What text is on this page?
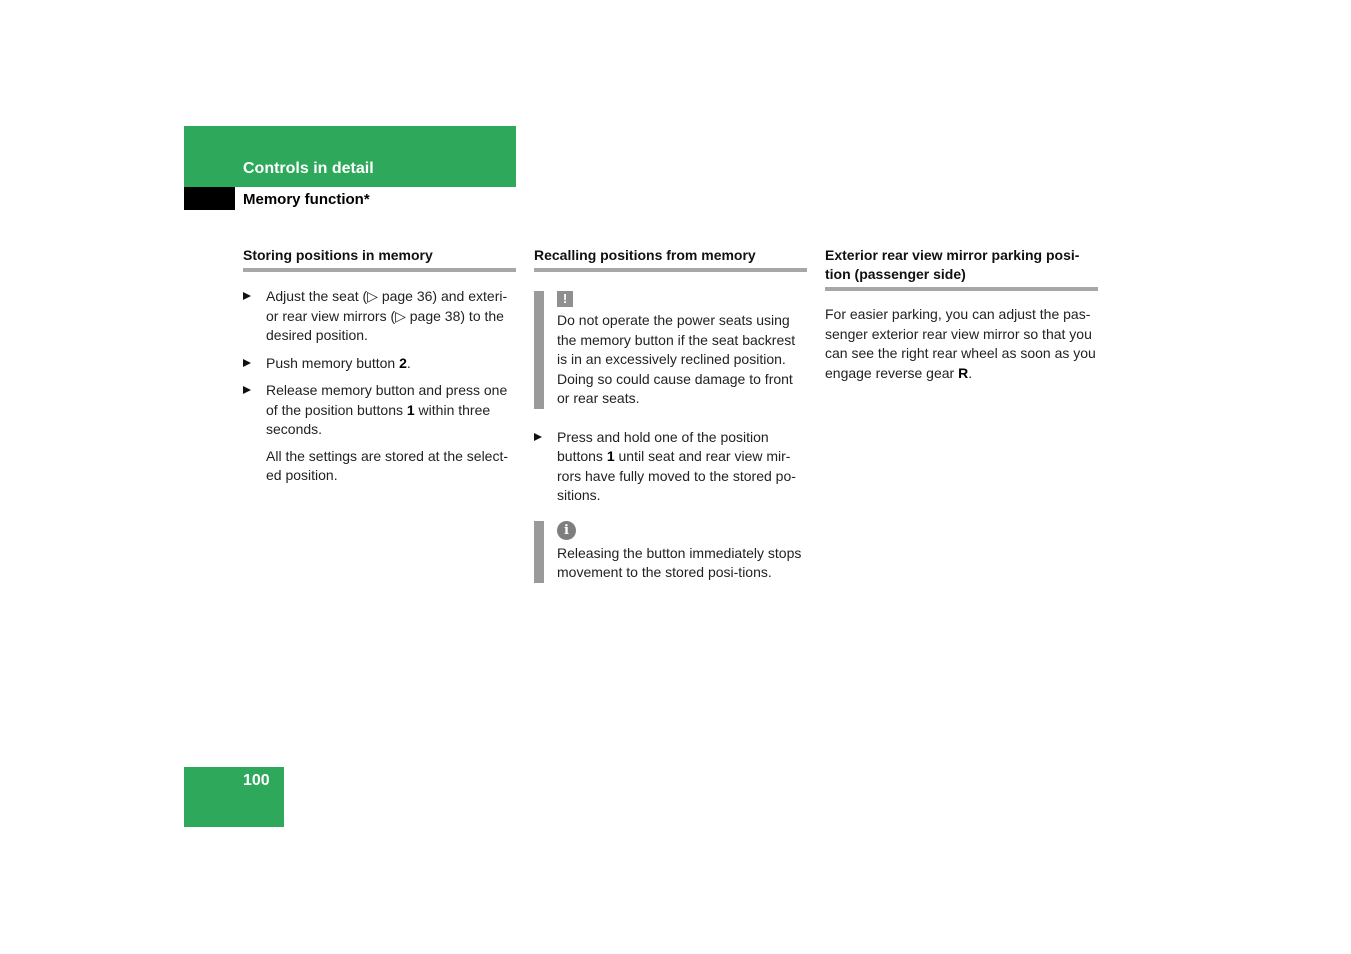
Controls in detail
Memory function*
Storing positions in memory
Adjust the seat (▷ page 36) and exteri-or rear view mirrors (▷ page 38) to the desired position.
Push memory button 2.
Release memory button and press one of the position buttons 1 within three seconds.
All the settings are stored at the select-ed position.
Recalling positions from memory
!
Do not operate the power seats using the memory button if the seat backrest is in an excessively reclined position. Doing so could cause damage to front or rear seats.
Press and hold one of the position buttons 1 until seat and rear view mir-rors have fully moved to the stored po-sitions.
i
Releasing the button immediately stops movement to the stored posi-tions.
Exterior rear view mirror parking posi-tion (passenger side)
For easier parking, you can adjust the pas-senger exterior rear view mirror so that you can see the right rear wheel as soon as you engage reverse gear R.
100
